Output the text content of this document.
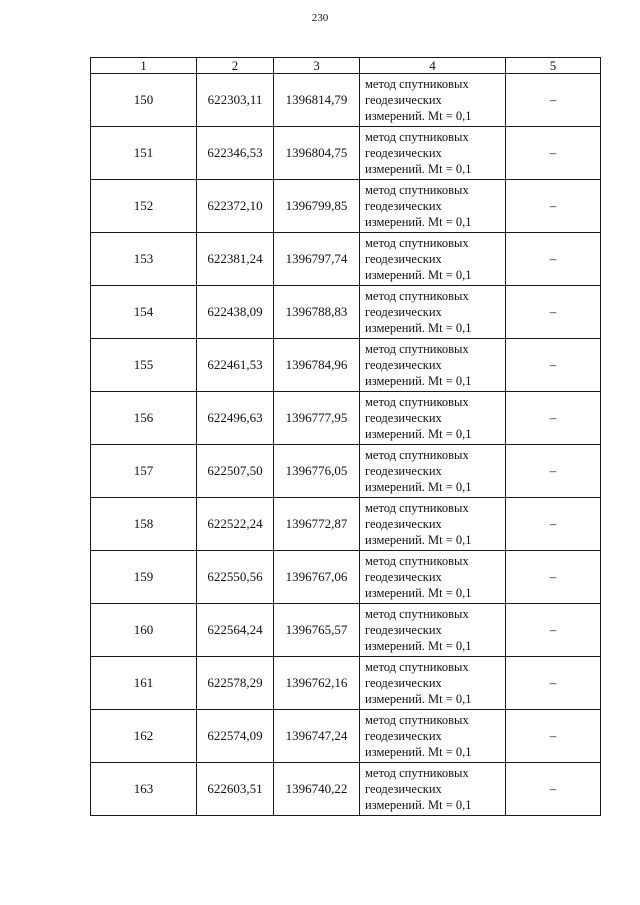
230
1	2	3	4	5
150	622303,11	1396814,79	метод спутниковых
геодезических
измерений. Mt = 0,1	–
151	622346,53	1396804,75	метод спутниковых
геодезических
измерений. Mt = 0,1	–
152	622372,10	1396799,85	метод спутниковых
геодезических
измерений. Mt = 0,1	–
153	622381,24	1396797,74	метод спутниковых
геодезических
измерений. Mt = 0,1	–
154	622438,09	1396788,83	метод спутниковых
геодезических
измерений. Mt = 0,1	–
155	622461,53	1396784,96	метод спутниковых
геодезических
измерений. Mt = 0,1	–
156	622496,63	1396777,95	метод спутниковых
геодезических
измерений. Mt = 0,1	–
157	622507,50	1396776,05	метод спутниковых
геодезических
измерений. Mt = 0,1	–
158	622522,24	1396772,87	метод спутниковых
геодезических
измерений. Mt = 0,1	–
159	622550,56	1396767,06	метод спутниковых
геодезических
измерений. Mt = 0,1	–
160	622564,24	1396765,57	метод спутниковых
геодезических
измерений. Mt = 0,1	–
161	622578,29	1396762,16	метод спутниковых
геодезических
измерений. Mt = 0,1	–
162	622574,09	1396747,24	метод спутниковых
геодезических
измерений. Mt = 0,1	–
163	622603,51	1396740,22	метод спутниковых
геодезических
измерений. Mt = 0,1	–
